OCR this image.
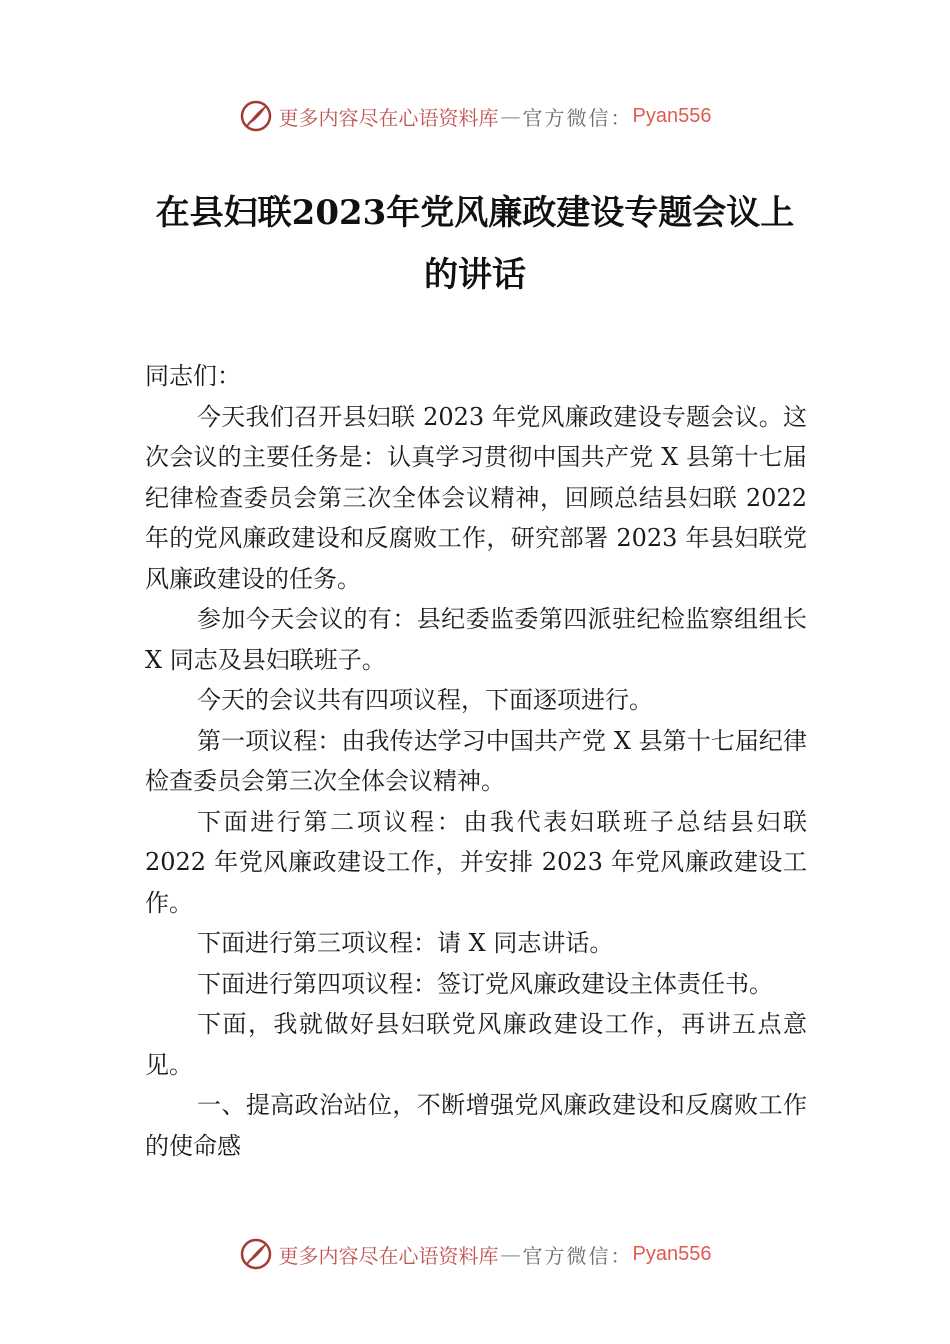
更多内容尽在心语资料库 — 官方微信： Pyan556
在县妇联2023年党风廉政建设专题会议上的讲话

同志们：

今天我们召开县妇联 2023 年党风廉政建设专题会议。这次会议的主要任务是：认真学习贯彻中国共产党 X 县第十七届纪律检查委员会第三次全体会议精神，回顾总结县妇联 2022 年的党风廉政建设和反腐败工作，研究部署 2023 年县妇联党风廉政建设的任务。

参加今天会议的有：县纪委监委第四派驻纪检监察组组长 X 同志及县妇联班子。

今天的会议共有四项议程，下面逐项进行。

第一项议程：由我传达学习中国共产党 X 县第十七届纪律检查委员会第三次全体会议精神。

下面进行第二项议程：由我代表妇联班子总结县妇联 2022 年党风廉政建设工作，并安排 2023 年党风廉政建设工作。

下面进行第三项议程：请 X 同志讲话。

下面进行第四项议程：签订党风廉政建设主体责任书。

下面，我就做好县妇联党风廉政建设工作，再讲五点意见。

一、提高政治站位，不断增强党风廉政建设和反腐败工作的使命感

更多内容尽在心语资料库 — 官方微信： Pyan556
